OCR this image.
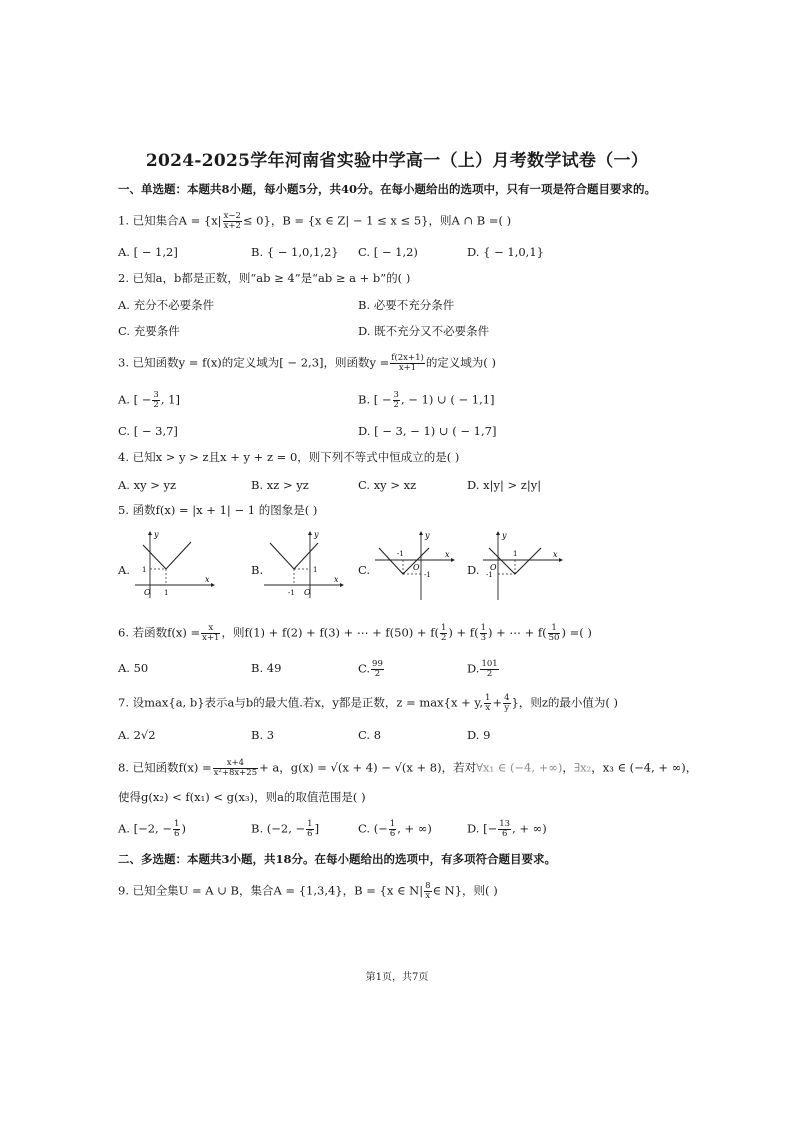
2024-2025学年河南省实验中学高一（上）月考数学试卷（一）
一、单选题：本题共8小题，每小题5分，共40分。在每小题给出的选项中，只有一项是符合题目要求的。
1. 已知集合$A = \{x| \frac{x-2}{x+2} \le 0\}$，B = {x ∈ Z| − 1 ≤ x ≤ 5}，则A ∩ B =( )
A. [ − 1,2]	B. { − 1,0,1,2} C. [ − 1,2)	D. { − 1,0,1}
2. 已知a，b都是正数，则“ab ≥ 4”是“ab ≥ a + b”的( )
A. 充分不必要条件	B. 必要不充分条件
C. 充要条件	D. 既不充分又不必要条件
3. 已知函数y = f(x)的定义域为[ − 2,3]，则函数$y = \frac{f(2x+1)}{x+1}$ 的定义域为( )
A. [ − $\frac{3}{2}$ , 1]	B. [ − $\frac{3}{2}$ , − 1) ∪ ( − 1,1]
C. [ − 3,7]	D. [ − 3, − 1) ∪ ( − 1,7]
4. 已知x > y > z且x + y + z = 0，则下列不等式中恒成立的是( )
A. xy > yz	B. xz > yz	C. xy > xz	D. x|y| > z|y|
5. 函数f(x) = |x + 1| − 1 的图象是( )
A.	B.	C.	D.
y
x
O
1
1
y
x
O
1
-1
y
x
O
-1
-1
y
x
O
1
-1
6. 若函数$f(x) = \frac{x}{x+1}$ ，则f(1) + f(2) + f(3) + ⋯ + $f(50) + f( \frac{1}{2}$ ) + $f( \frac{1}{3}$ ) + ⋯ + $f( \frac{1}{50}$ ) =( )
A. 50	B. 49	C. $\frac{99}{2}$	D. $\frac{101}{2}$
7. 设max{a, b}表示a与b的最大值.若x，y都是正数，z = max{x + y, $\frac{1}{x} + \frac{4}{y}$ }，则z的最小值为( )
A. 2√2	B. 3	C. 8	D. 9
8. 已知函数$f(x) = \frac{x+4}{\text{x²+8x+25}} + a$，g(x) = √(x + 4) − √(x + 8)，若对∀x₁ ∈ (−4, +∞)，∃x₂，x₃ ∈ (−4, + ∞)，
使得g(x₂) < f(x₁) < g(x₃)，则a的取值范围是( )
A. [−2, − $\frac{1}{6}$ )	B. (−2, − $\frac{1}{6}$ ]	C. (− $\frac{1}{6}$ , + ∞)	D. [− $\frac{13}{6}$ , + ∞)
二、多选题：本题共3小题，共18分。在每小题给出的选项中，有多项符合题目要求。
9. 已知全集U = A ∪ B，集合A = {1,3,4}，B = {x ∈ $N| \frac{8}{x}$ ∈ N}，则( )
第1页，共7页
